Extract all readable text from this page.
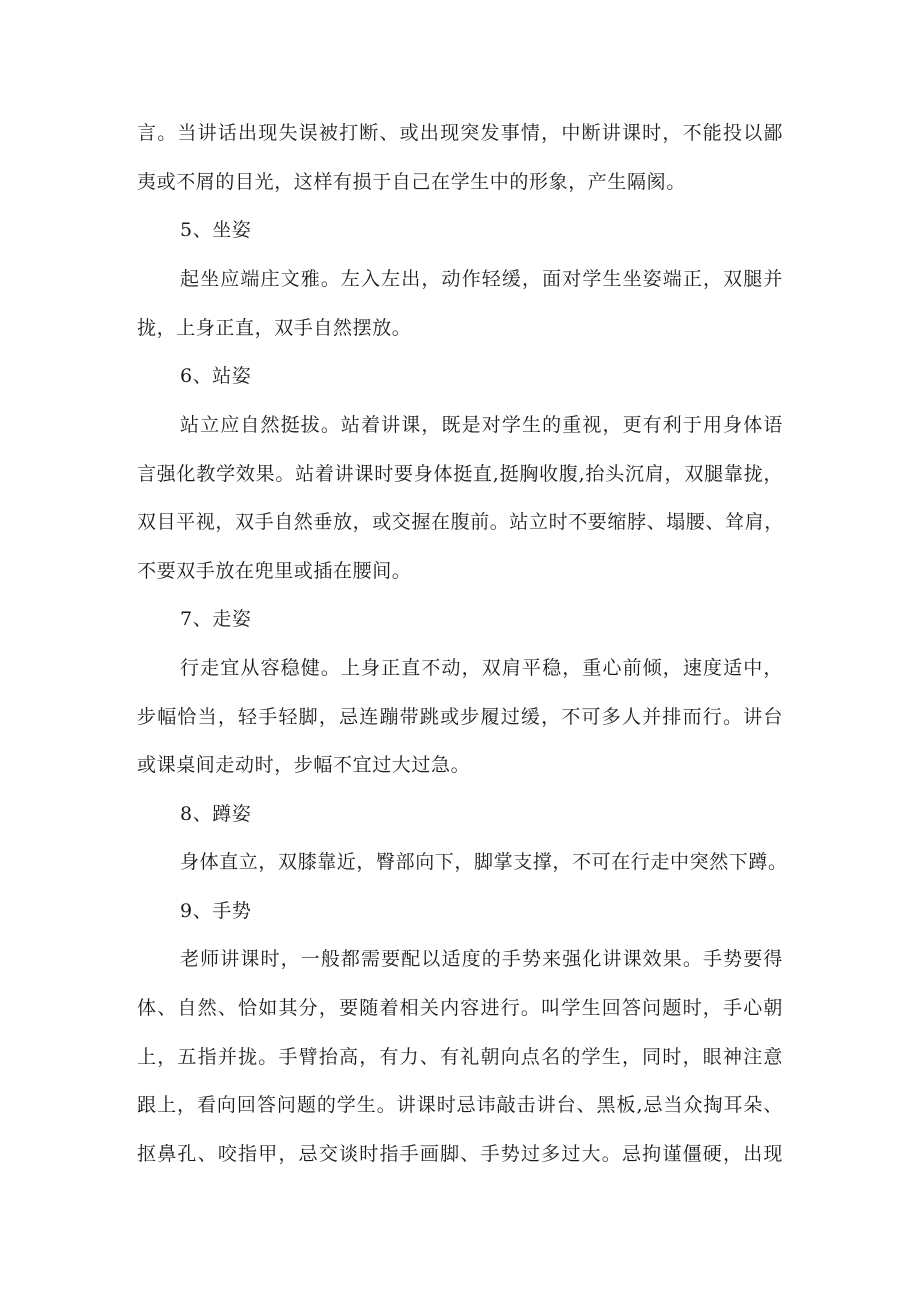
言。当讲话出现失误被打断、或出现突发事情，中断讲课时，不能投以鄙
夷或不屑的目光，这样有损于自己在学生中的形象，产生隔阂。
5、坐姿
起坐应端庄文雅。左入左出，动作轻缓，面对学生坐姿端正，双腿并
拢，上身正直，双手自然摆放。
6、站姿
站立应自然挺拔。站着讲课，既是对学生的重视，更有利于用身体语
言强化教学效果。站着讲课时要身体挺直,挺胸收腹,抬头沉肩，双腿靠拢，
双目平视，双手自然垂放，或交握在腹前。站立时不要缩脖、塌腰、耸肩，
不要双手放在兜里或插在腰间。
7、走姿
行走宜从容稳健。上身正直不动，双肩平稳，重心前倾，速度适中，
步幅恰当，轻手轻脚，忌连蹦带跳或步履过缓，不可多人并排而行。讲台
或课桌间走动时，步幅不宜过大过急。
8、蹲姿
身体直立，双膝靠近，臀部向下，脚掌支撑，不可在行走中突然下蹲。
9、手势
老师讲课时，一般都需要配以适度的手势来强化讲课效果。手势要得
体、自然、恰如其分，要随着相关内容进行。叫学生回答问题时，手心朝
上，五指并拢。手臂抬高，有力、有礼朝向点名的学生，同时，眼神注意
跟上，看向回答问题的学生。讲课时忌讳敲击讲台、黑板,忌当众掏耳朵、
抠鼻孔、咬指甲，忌交谈时指手画脚、手势过多过大。忌拘谨僵硬，出现
